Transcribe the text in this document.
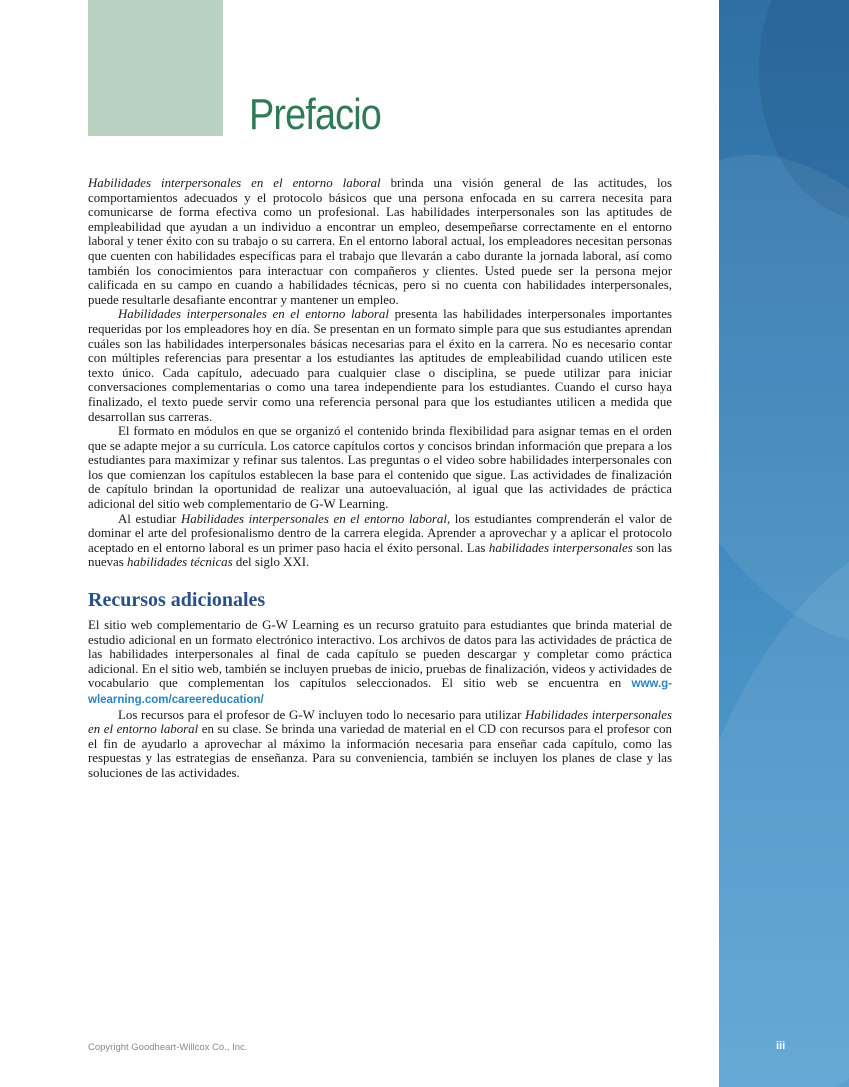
Prefacio

Habilidades interpersonales en el entorno laboral brinda una visión general de las actitudes, los comportamientos adecuados y el protocolo básicos que una persona enfocada en su carrera necesita para comunicarse de forma efectiva como un profesional. Las habilidades interpersonales son las aptitudes de empleabilidad que ayudan a un individuo a encontrar un empleo, desempeñarse correctamente en el entorno laboral y tener éxito con su trabajo o su carrera. En el entorno laboral actual, los empleadores necesitan personas que cuenten con habilidades específicas para el trabajo que llevarán a cabo durante la jornada laboral, así como también los conocimientos para interactuar con compañeros y clientes. Usted puede ser la persona mejor calificada en su campo en cuando a habilidades técnicas, pero si no cuenta con habilidades interpersonales, puede resultarle desafiante encontrar y mantener un empleo.

Habilidades interpersonales en el entorno laboral presenta las habilidades interpersonales importantes requeridas por los empleadores hoy en día. Se presentan en un formato simple para que sus estudiantes aprendan cuáles son las habilidades interpersonales básicas necesarias para el éxito en la carrera. No es necesario contar con múltiples referencias para presentar a los estudiantes las aptitudes de empleabilidad cuando utilicen este texto único. Cada capítulo, adecuado para cualquier clase o disciplina, se puede utilizar para iniciar conversaciones complementarias o como una tarea independiente para los estudiantes. Cuando el curso haya finalizado, el texto puede servir como una referencia personal para que los estudiantes utilicen a medida que desarrollan sus carreras.

El formato en módulos en que se organizó el contenido brinda flexibilidad para asignar temas en el orden que se adapte mejor a su currícula. Los catorce capítulos cortos y concisos brindan información que prepara a los estudiantes para maximizar y refinar sus talentos. Las preguntas o el video sobre habilidades interpersonales con los que comienzan los capítulos establecen la base para el contenido que sigue. Las actividades de finalización de capítulo brindan la oportunidad de realizar una autoevaluación, al igual que las actividades de práctica adicional del sitio web complementario de G-W Learning.

Al estudiar Habilidades interpersonales en el entorno laboral, los estudiantes comprenderán el valor de dominar el arte del profesionalismo dentro de la carrera elegida. Aprender a aprovechar y a aplicar el protocolo aceptado en el entorno laboral es un primer paso hacia el éxito personal. Las habilidades interpersonales son las nuevas habilidades técnicas del siglo XXI.

Recursos adicionales

El sitio web complementario de G-W Learning es un recurso gratuito para estudiantes que brinda material de estudio adicional en un formato electrónico interactivo. Los archivos de datos para las actividades de práctica de las habilidades interpersonales al final de cada capítulo se pueden descargar y completar como práctica adicional. En el sitio web, también se incluyen pruebas de inicio, pruebas de finalización, videos y actividades de vocabulario que complementan los capítulos seleccionados. El sitio web se encuentra en www.g-wlearning.com/careereducation/

Los recursos para el profesor de G-W incluyen todo lo necesario para utilizar Habilidades interpersonales en el entorno laboral en su clase. Se brinda una variedad de material en el CD con recursos para el profesor con el fin de ayudarlo a aprovechar al máximo la información necesaria para enseñar cada capítulo, como las respuestas y las estrategias de enseñanza. Para su conveniencia, también se incluyen los planes de clase y las soluciones de las actividades.

Copyright Goodheart-Willcox Co., Inc.	iii
